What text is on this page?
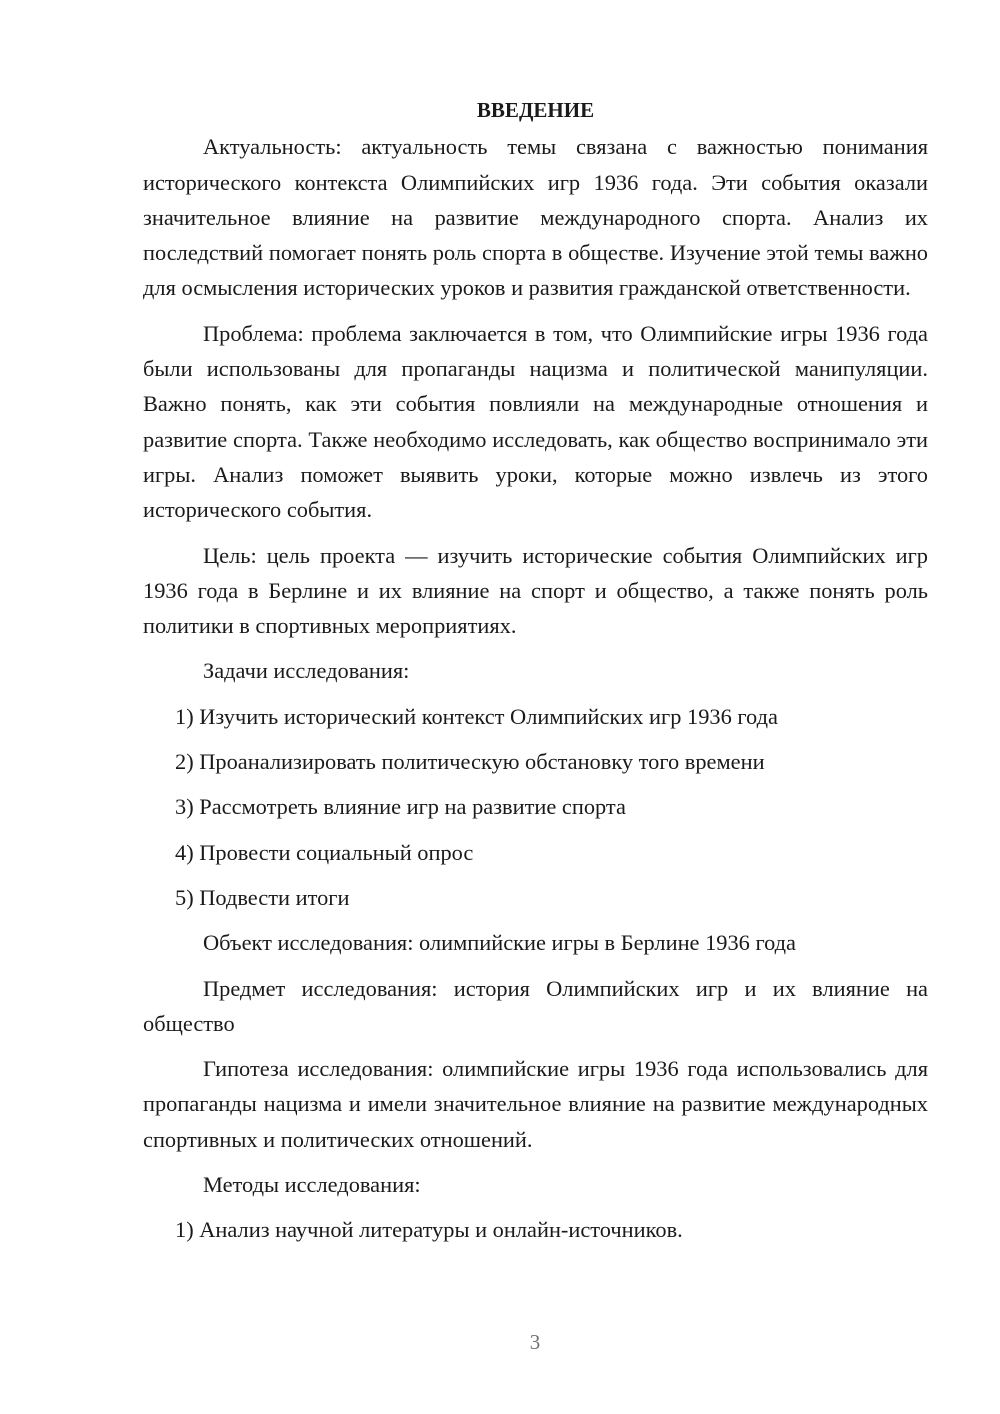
ВВЕДЕНИЕ

Актуальность: актуальность темы связана с важностью понимания исторического контекста Олимпийских игр 1936 года. Эти события оказали значительное влияние на развитие международного спорта. Анализ их последствий помогает понять роль спорта в обществе. Изучение этой темы важно для осмысления исторических уроков и развития гражданской ответственности.

Проблема: проблема заключается в том, что Олимпийские игры 1936 года были использованы для пропаганды нацизма и политической манипуляции. Важно понять, как эти события повлияли на международные отношения и развитие спорта. Также необходимо исследовать, как общество воспринимало эти игры. Анализ поможет выявить уроки, которые можно извлечь из этого исторического события.

Цель: цель проекта — изучить исторические события Олимпийских игр 1936 года в Берлине и их влияние на спорт и общество, а также понять роль политики в спортивных мероприятиях.

Задачи исследования:

1) Изучить исторический контекст Олимпийских игр 1936 года
2) Проанализировать политическую обстановку того времени
3) Рассмотреть влияние игр на развитие спорта
4) Провести социальный опрос
5) Подвести итоги

Объект исследования: олимпийские игры в Берлине 1936 года

Предмет исследования: история Олимпийских игр и их влияние на общество

Гипотеза исследования: олимпийские игры 1936 года использовались для пропаганды нацизма и имели значительное влияние на развитие международных спортивных и политических отношений.

Методы исследования:

1) Анализ научной литературы и онлайн-источников.
3
